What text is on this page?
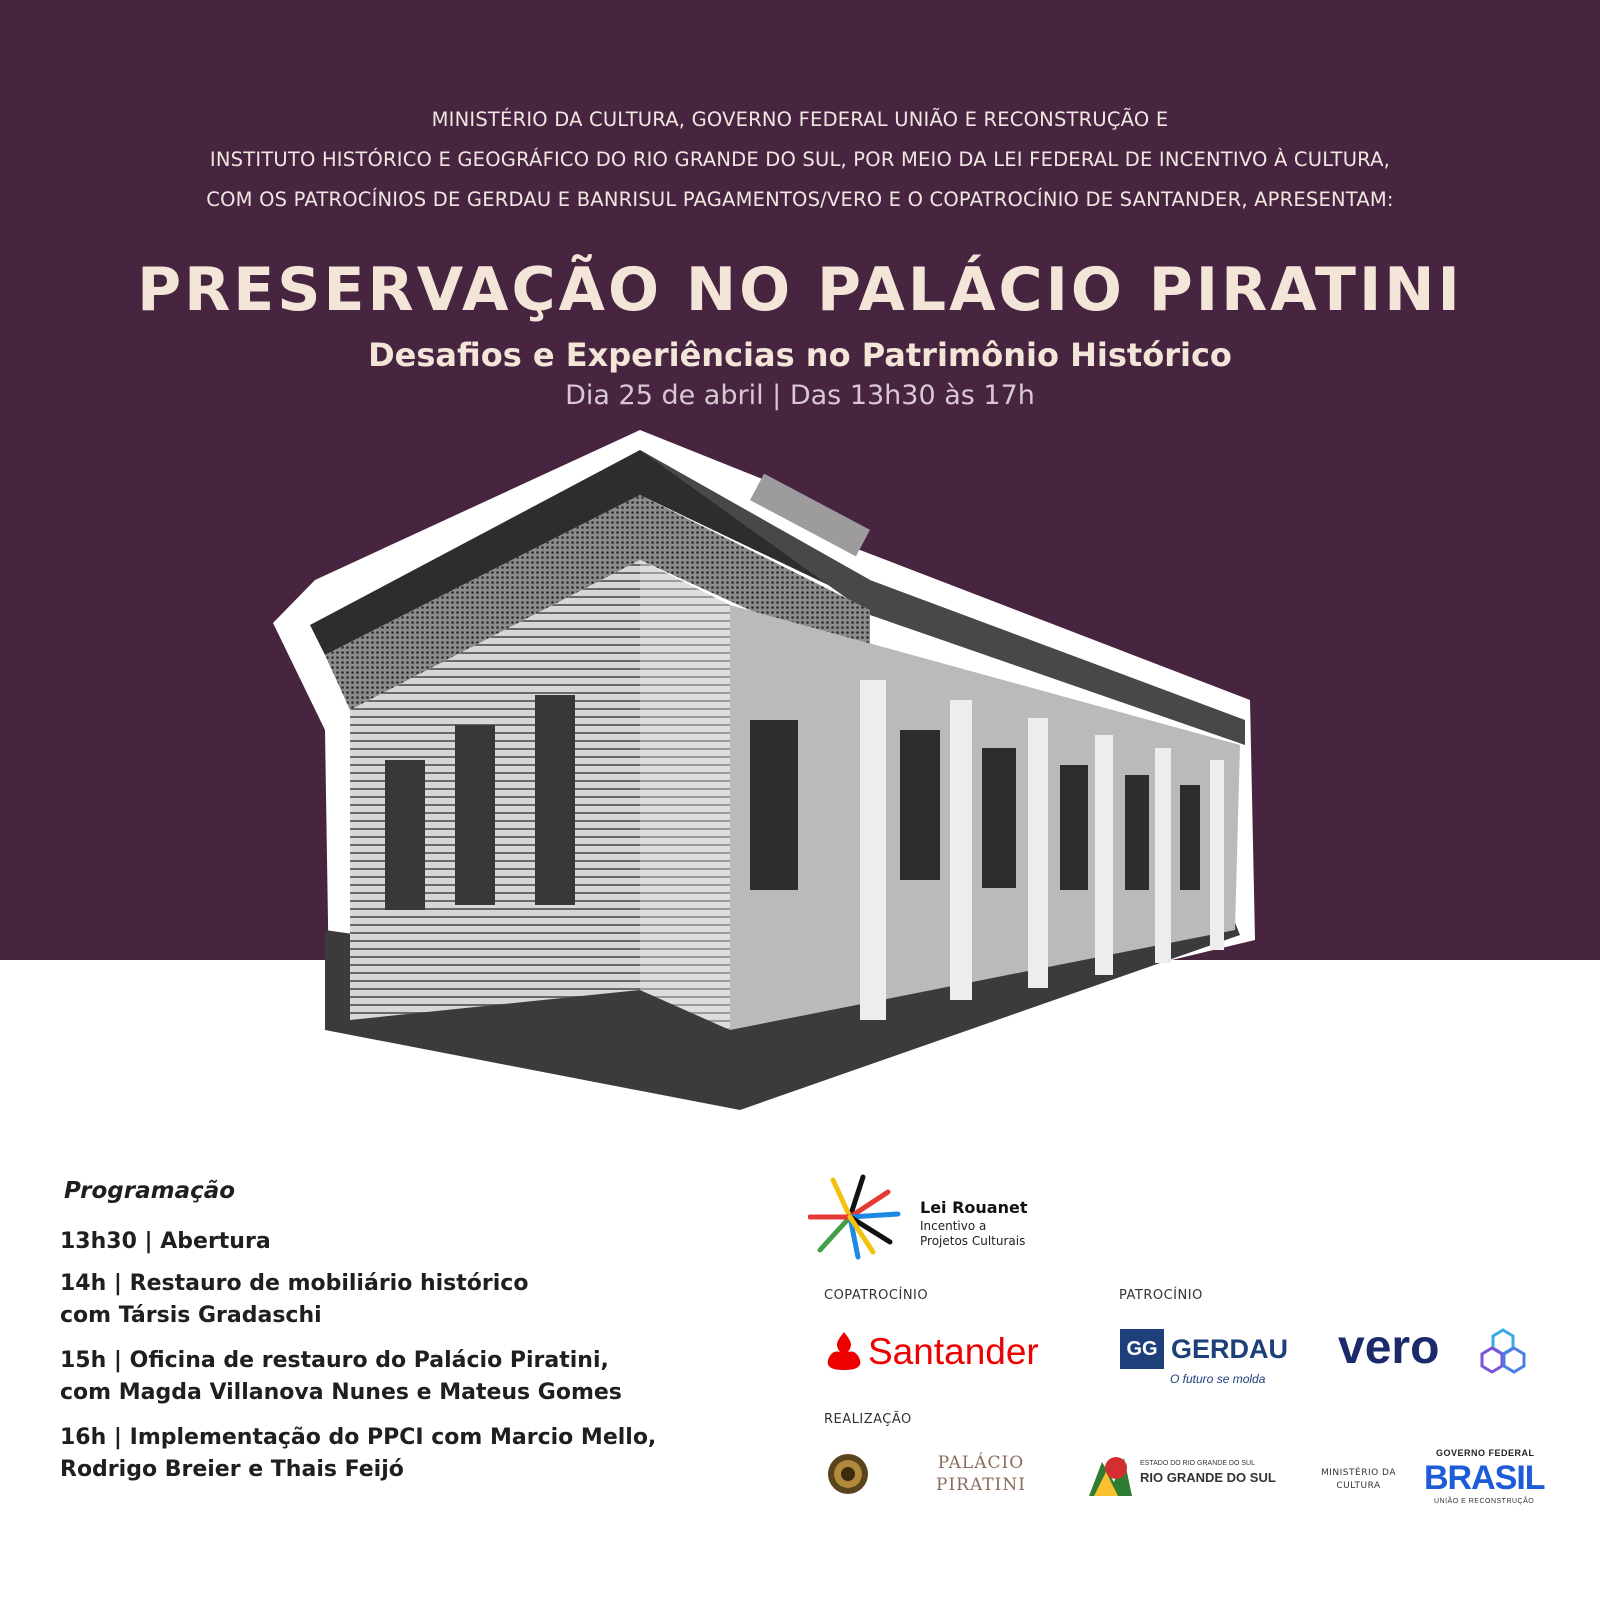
MINISTÉRIO DA CULTURA, GOVERNO FEDERAL UNIÃO E RECONSTRUÇÃO E
INSTITUTO HISTÓRICO E GEOGRÁFICO DO RIO GRANDE DO SUL, POR MEIO DA LEI FEDERAL DE INCENTIVO À CULTURA,
COM OS PATROCÍNIOS DE GERDAU E BANRISUL PAGAMENTOS/VERO E O COPATROCÍNIO DE SANTANDER, APRESENTAM:
PRESERVAÇÃO NO PALÁCIO PIRATINI
Desafios e Experiências no Patrimônio Histórico
Dia 25 de abril | Das 13h30 às 17h
Programação
13h30 | Abertura
14h | Restauro de mobiliário histórico
com Társis Gradaschi
15h | Oficina de restauro do Palácio Piratini,
com Magda Villanova Nunes e Mateus Gomes
16h | Implementação do PPCI com Marcio Mello,
Rodrigo Breier e Thais Feijó
Lei Rouanet
Incentivo a
Projetos Culturais
COPATROCÍNIO	PATROCÍNIO
Santander	GG GERDAU
O futuro se molda
vero
REALIZAÇÃO
PALÁCIO
PIRATINI
ESTADO DO RIO GRANDE DO SUL
RIO GRANDE DO SUL	MINISTÉRIO DA
CULTURA
GOVERNO FEDERAL
BRASIL
UNIÃO E RECONSTRUÇÃO
